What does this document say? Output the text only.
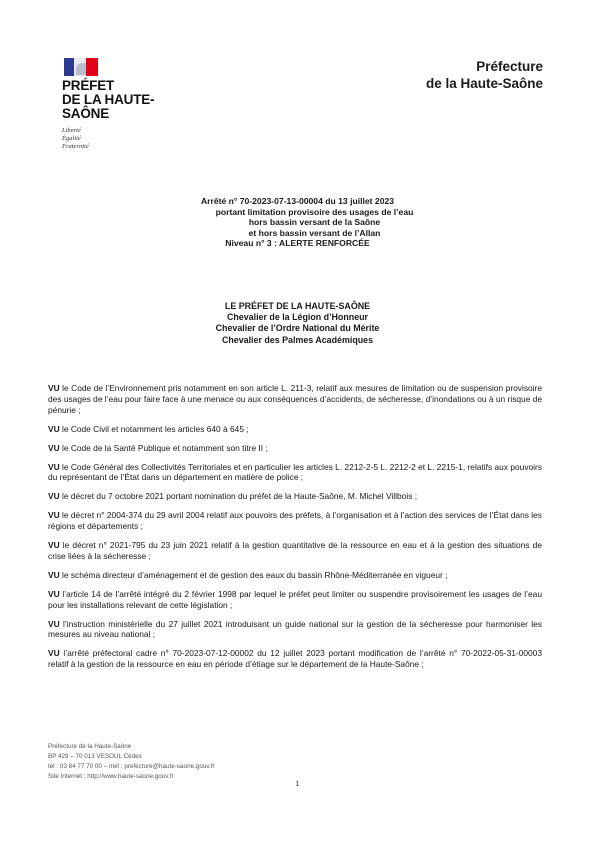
PRÉFET
DE LA HAUTE-
SAÔNE
Liberté
Égalité
Fraternité
Préfecture
de la Haute-Saône
Arrêté n° 70-2023-07-13-00004 du 13 juillet 2023
portant limitation provisoire des usages de l’eau
hors bassin versant de la Saône
et hors bassin versant de l’Allan
Niveau n° 3 : ALERTE RENFORCÉE
LE PRÉFET DE LA HAUTE-SAÔNE
Chevalier de la Légion d’Honneur
Chevalier de l’Ordre National du Mérite
Chevalier des Palmes Académiques

VU le Code de l’Environnement pris notamment en son article L. 211-3, relatif aux mesures de limitation ou de suspension provisoire des usages de l’eau pour faire face à une menace ou aux conséquences d’accidents, de sécheresse, d’inondations ou à un risque de pénurie ;

VU le Code Civil et notamment les articles 640 à 645 ;

VU le Code de la Santé Publique et notamment son titre II ;

VU le Code Général des Collectivités Territoriales et en particulier les articles L. 2212-2-5 L. 2212-2 et L. 2215-1, relatifs aux pouvoirs du représentant de l’État dans un département en matière de police ;

VU le décret du 7 octobre 2021 portant nomination du préfet de la Haute-Saône, M. Michel Villbois ;

VU le décret n° 2004-374 du 29 avril 2004 relatif aux pouvoirs des préfets, à l’organisation et à l’action des services de l’État dans les régions et départements ;

VU le décret n° 2021-795 du 23 juin 2021 relatif à la gestion quantitative de la ressource en eau et à la gestion des situations de crise liées à la sécheresse ;

VU le schéma directeur d’aménagement et de gestion des eaux du bassin Rhône-Méditerranée en vigueur ;

VU l’article 14 de l’arrêté intégré du 2 février 1998 par lequel le préfet peut limiter ou suspendre provisoirement les usages de l’eau pour les installations relevant de cette législation ;

VU l’instruction ministérielle du 27 juillet 2021 introduisant un guide national sur la gestion de la sécheresse pour harmoniser les mesures au niveau national ;

VU l’arrêté préfectoral cadre n° 70-2023-07-12-00002 du 12 juillet 2023 portant modification de l’arrêté n° 70-2022-05-31-00003 relatif à la gestion de la ressource en eau en période d’étiage sur le département de la Haute-Saône ;

Préfecture de la Haute-Saône
BP 429 – 70 013 VESOUL Cédex
tél : 03 84 77 70 00 – mél : prefecture@haute-saone.gouv.fr
Site Internet : http://www.haute-saone.gouv.fr
1
